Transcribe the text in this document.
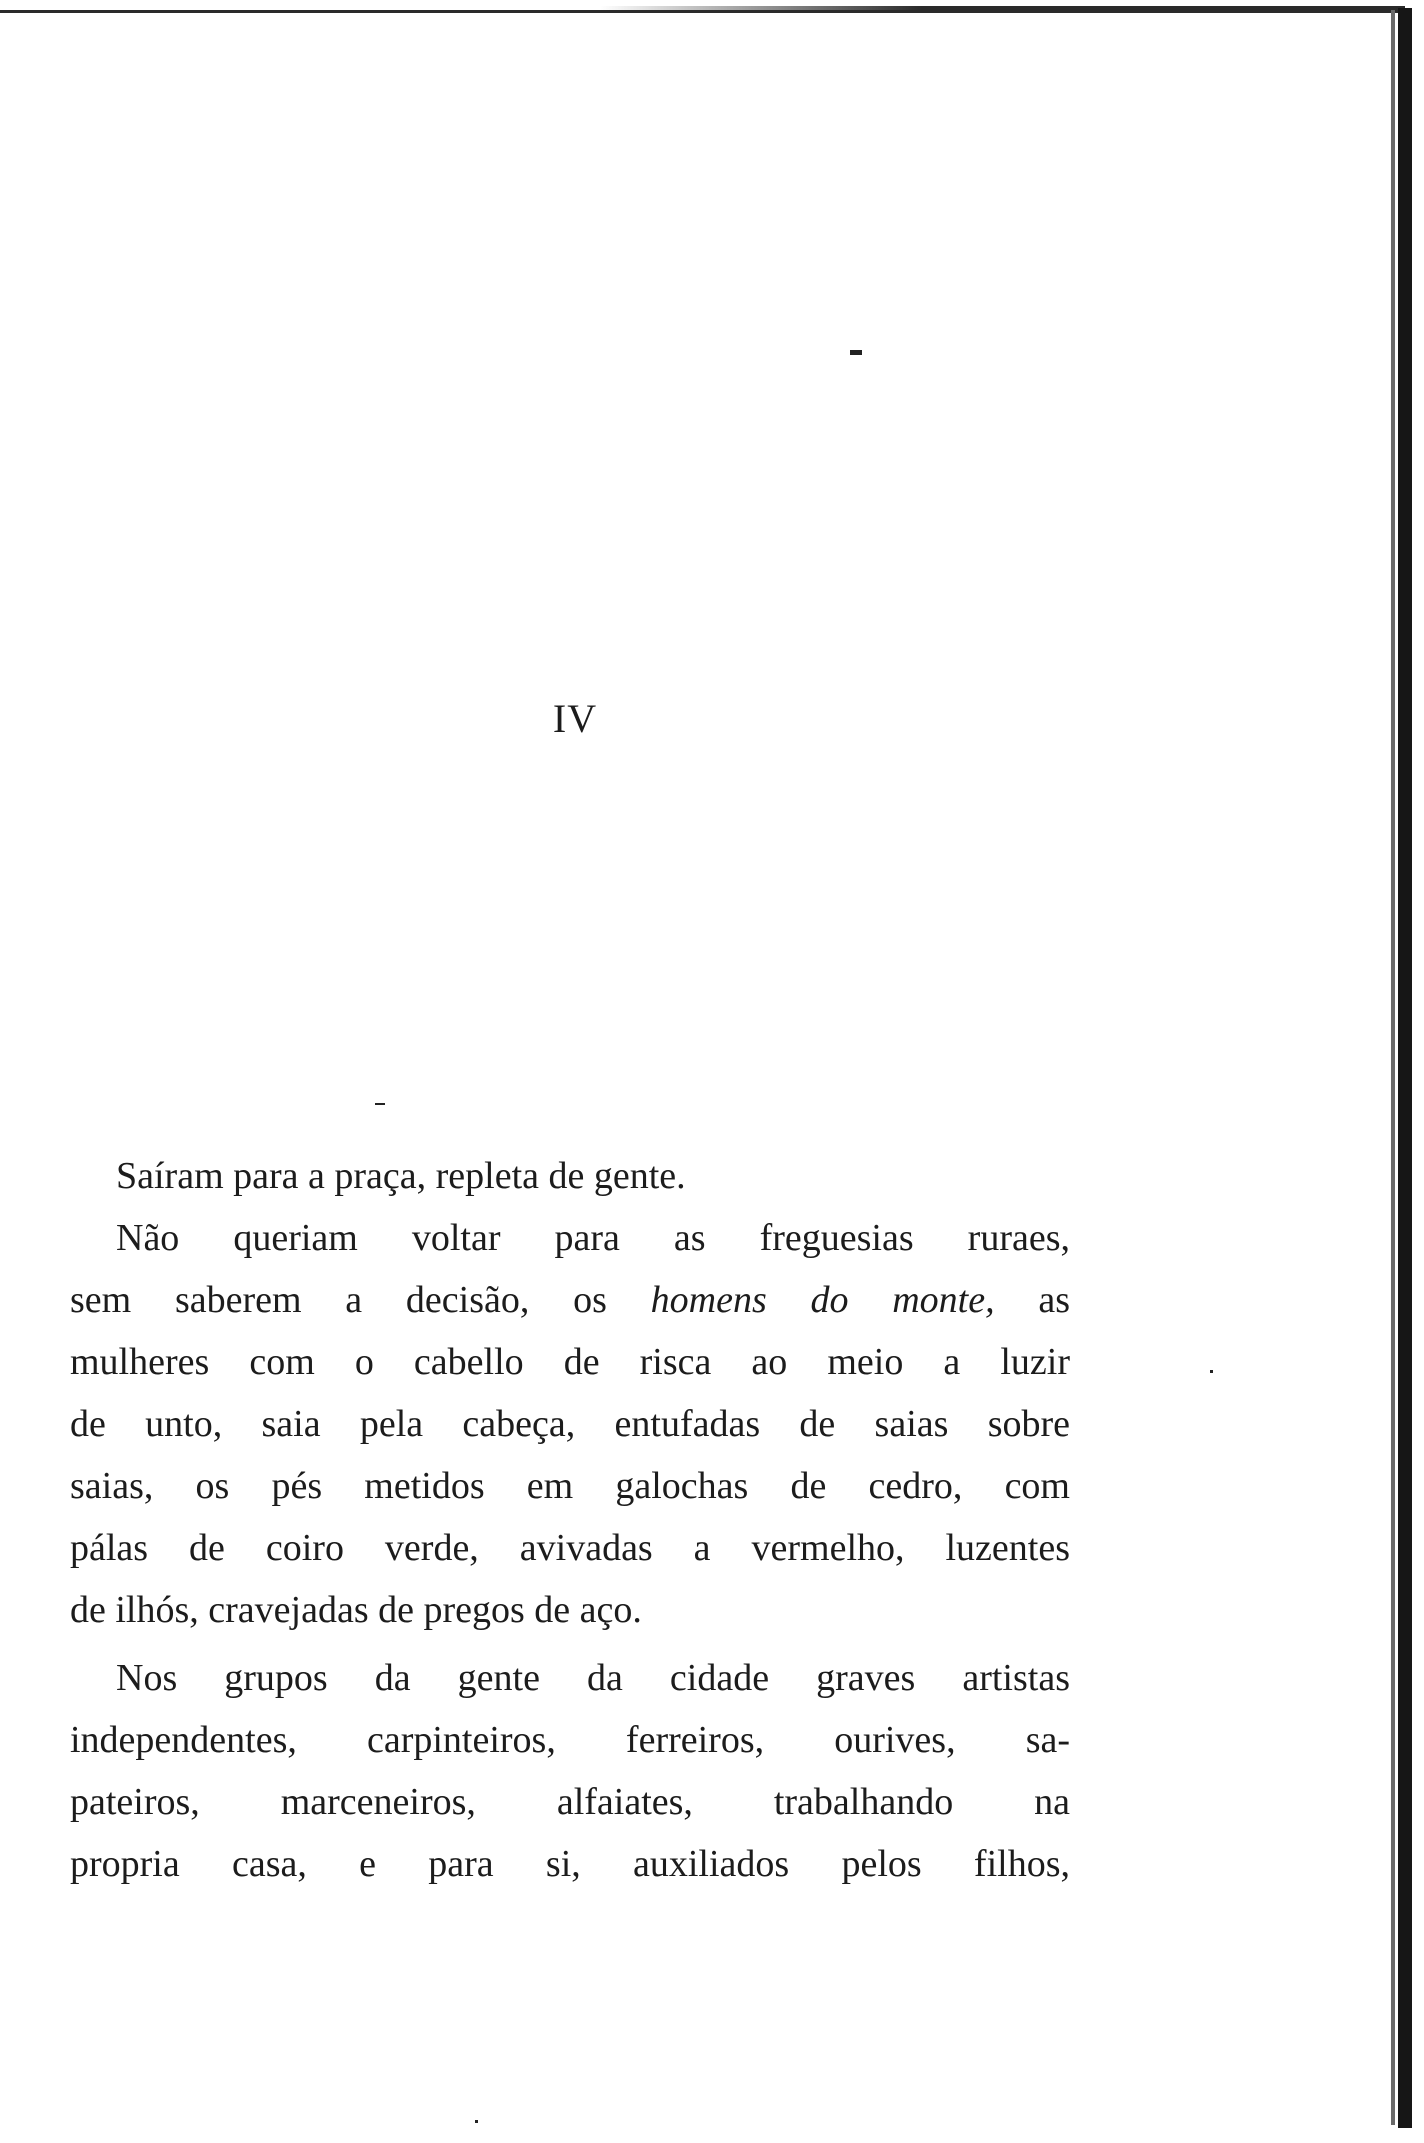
IV
Saíram para a praça, repleta de gente.
Não queriam voltar para as freguesias ruraes,
sem saberem a decisão, os homens do monte, as
mulheres com o cabello de risca ao meio a luzir
de unto, saia pela cabeça, entufadas de saias sobre
saias, os pés metidos em galochas de cedro, com
pálas de coiro verde, avivadas a vermelho, luzentes
de ilhós, cravejadas de pregos de aço.
Nos grupos da gente da cidade graves artistas
independentes, carpinteiros, ferreiros, ourives, sa-
pateiros, marceneiros, alfaiates, trabalhando na
propria casa, e para si, auxiliados pelos filhos,
